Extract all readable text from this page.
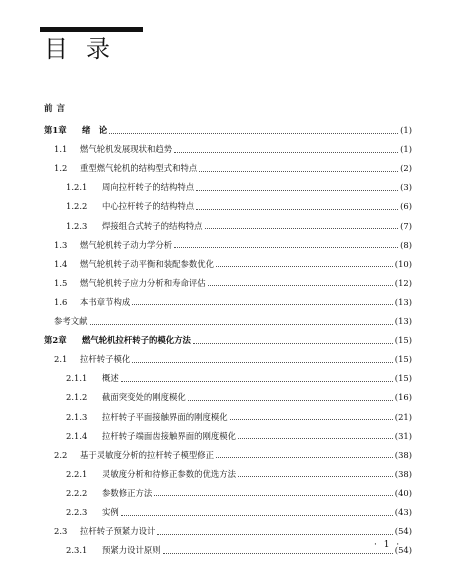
目录
前言
第1章	绪　论	(1)
1.1	燃气轮机发展现状和趋势	(1)
1.2	重型燃气轮机的结构型式和特点	(2)
1.2.1	周向拉杆转子的结构特点	(3)
1.2.2	中心拉杆转子的结构特点	(6)
1.2.3	焊接组合式转子的结构特点	(7)
1.3	燃气轮机转子动力学分析	(8)
1.4	燃气轮机转子动平衡和装配参数优化	(10)
1.5	燃气轮机转子应力分析和寿命评估	(12)
1.6	本书章节构成	(13)
参考文献	(13)
第2章	燃气轮机拉杆转子的模化方法	(15)
2.1	拉杆转子模化	(15)
2.1.1	概述	(15)
2.1.2	截面突变处的刚度模化	(16)
2.1.3	拉杆转子平面接触界面的刚度模化	(21)
2.1.4	拉杆转子端面齿接触界面的刚度模化	(31)
2.2	基于灵敏度分析的拉杆转子模型修正	(38)
2.2.1	灵敏度分析和待修正参数的优选方法	(38)
2.2.2	参数修正方法	(40)
2.2.3	实例	(43)
2.3	拉杆转子预紧力设计	(54)
2.3.1	预紧力设计原则	(54)
· 1 ·
